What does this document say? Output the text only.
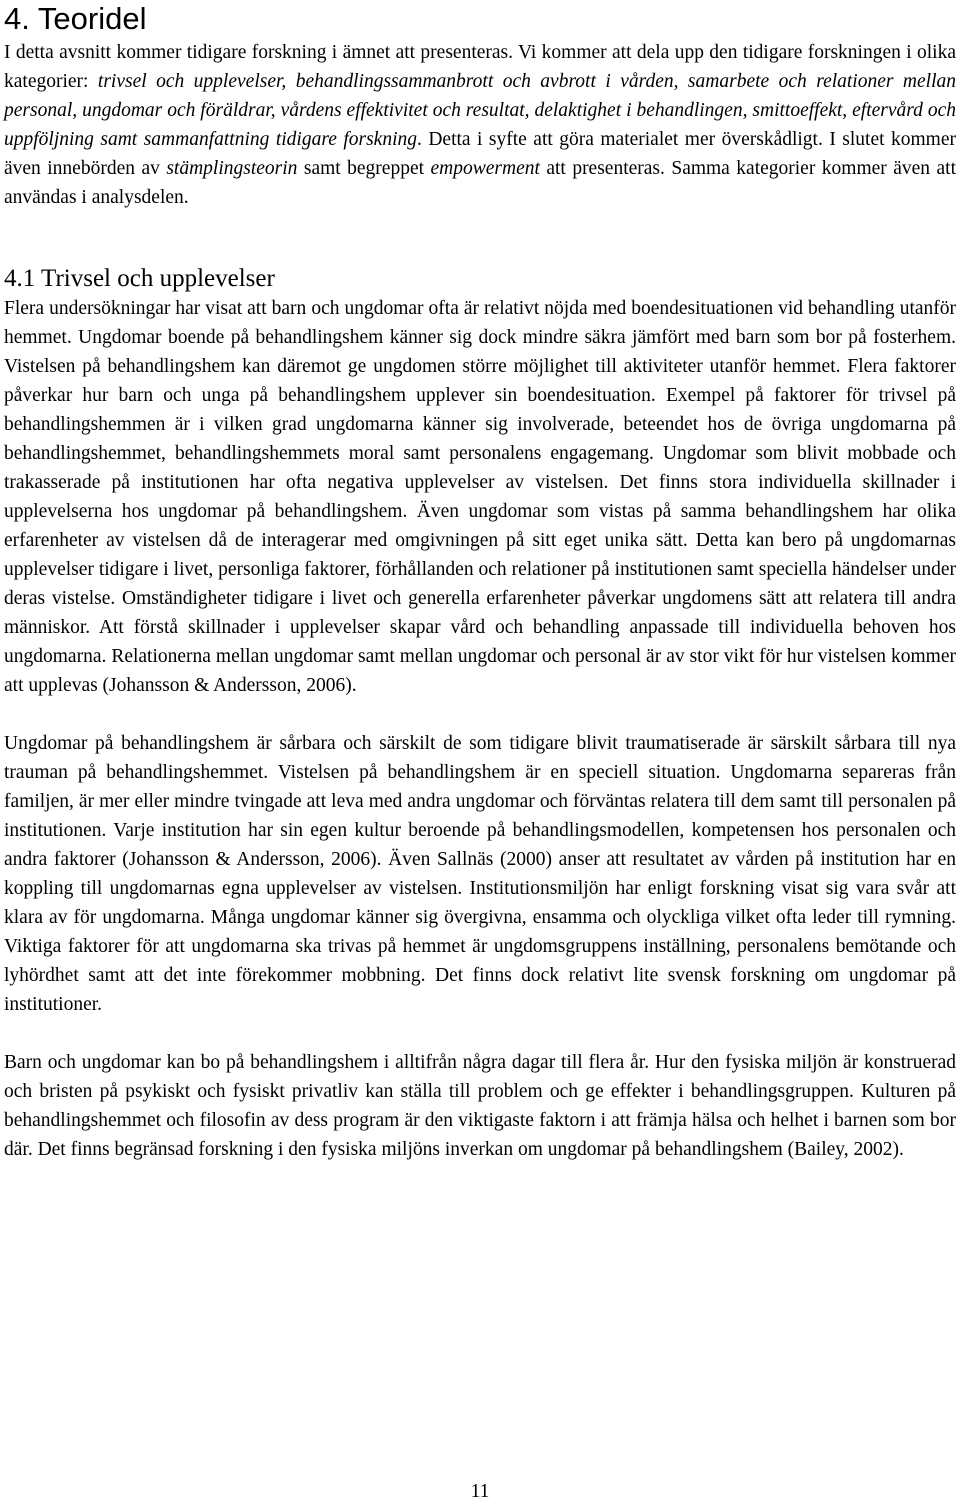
4. Teoridel

I detta avsnitt kommer tidigare forskning i ämnet att presenteras. Vi kommer att dela upp den tidigare forskningen i olika kategorier: trivsel och upplevelser, behandlingssammanbrott och avbrott i vården, samarbete och relationer mellan personal, ungdomar och föräldrar, vårdens effektivitet och resultat, delaktighet i behandlingen, smittoeffekt, eftervård och uppföljning samt sammanfattning tidigare forskning. Detta i syfte att göra materialet mer överskådligt. I slutet kommer även innebörden av stämplingsteorin samt begreppet empowerment att presenteras. Samma kategorier kommer även att användas i analysdelen.

4.1 Trivsel och upplevelser

Flera undersökningar har visat att barn och ungdomar ofta är relativt nöjda med boendesituationen vid behandling utanför hemmet. Ungdomar boende på behandlingshem känner sig dock mindre säkra jämfört med barn som bor på fosterhem. Vistelsen på behandlingshem kan däremot ge ungdomen större möjlighet till aktiviteter utanför hemmet. Flera faktorer påverkar hur barn och unga på behandlingshem upplever sin boendesituation. Exempel på faktorer för trivsel på behandlingshemmen är i vilken grad ungdomarna känner sig involverade, beteendet hos de övriga ungdomarna på behandlingshemmet, behandlingshemmets moral samt personalens engagemang. Ungdomar som blivit mobbade och trakasserade på institutionen har ofta negativa upplevelser av vistelsen. Det finns stora individuella skillnader i upplevelserna hos ungdomar på behandlingshem. Även ungdomar som vistas på samma behandlingshem har olika erfarenheter av vistelsen då de interagerar med omgivningen på sitt eget unika sätt. Detta kan bero på ungdomarnas upplevelser tidigare i livet, personliga faktorer, förhållanden och relationer på institutionen samt speciella händelser under deras vistelse. Omständigheter tidigare i livet och generella erfarenheter påverkar ungdomens sätt att relatera till andra människor. Att förstå skillnader i upplevelser skapar vård och behandling anpassade till individuella behoven hos ungdomarna. Relationerna mellan ungdomar samt mellan ungdomar och personal är av stor vikt för hur vistelsen kommer att upplevas (Johansson & Andersson, 2006).

Ungdomar på behandlingshem är sårbara och särskilt de som tidigare blivit traumatiserade är särskilt sårbara till nya trauman på behandlingshemmet. Vistelsen på behandlingshem är en speciell situation. Ungdomarna separeras från familjen, är mer eller mindre tvingade att leva med andra ungdomar och förväntas relatera till dem samt till personalen på institutionen. Varje institution har sin egen kultur beroende på behandlingsmodellen, kompetensen hos personalen och andra faktorer (Johansson & Andersson, 2006). Även Sallnäs (2000) anser att resultatet av vården på institution har en koppling till ungdomarnas egna upplevelser av vistelsen. Institutionsmiljön har enligt forskning visat sig vara svår att klara av för ungdomarna. Många ungdomar känner sig övergivna, ensamma och olyckliga vilket ofta leder till rymning. Viktiga faktorer för att ungdomarna ska trivas på hemmet är ungdomsgruppens inställning, personalens bemötande och lyhördhet samt att det inte förekommer mobbning. Det finns dock relativt lite svensk forskning om ungdomar på institutioner.

Barn och ungdomar kan bo på behandlingshem i alltifrån några dagar till flera år. Hur den fysiska miljön är konstruerad och bristen på psykiskt och fysiskt privatliv kan ställa till problem och ge effekter i behandlingsgruppen. Kulturen på behandlingshemmet och filosofin av dess program är den viktigaste faktorn i att främja hälsa och helhet i barnen som bor där. Det finns begränsad forskning i den fysiska miljöns inverkan om ungdomar på behandlingshem (Bailey, 2002).

11
